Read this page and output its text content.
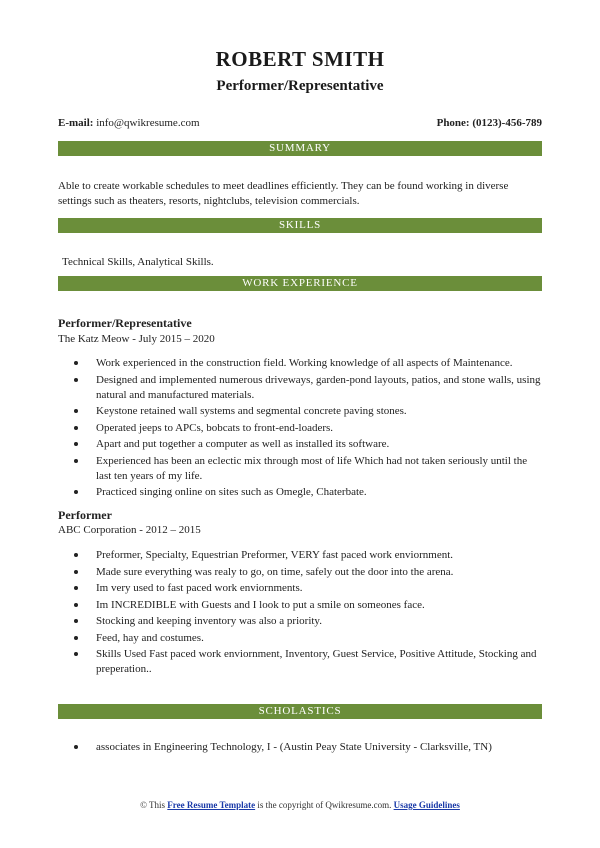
ROBERT SMITH
Performer/Representative
E-mail: info@qwikresume.com	Phone: (0123)-456-789
SUMMARY
Able to create workable schedules to meet deadlines efficiently. They can be found working in diverse settings such as theaters, resorts, nightclubs, television commercials.
SKILLS
Technical Skills, Analytical Skills.
WORK EXPERIENCE
Performer/Representative
The Katz Meow - July 2015 – 2020
Work experienced in the construction field. Working knowledge of all aspects of Maintenance.
Designed and implemented numerous driveways, garden-pond layouts, patios, and stone walls, using natural and manufactured materials.
Keystone retained wall systems and segmental concrete paving stones.
Operated jeeps to APCs, bobcats to front-end-loaders.
Apart and put together a computer as well as installed its software.
Experienced has been an eclectic mix through most of life Which had not taken seriously until the last ten years of my life.
Practiced singing online on sites such as Omegle, Chaterbate.
Performer
ABC Corporation - 2012 – 2015
Preformer, Specialty, Equestrian Preformer, VERY fast paced work enviornment.
Made sure everything was realy to go, on time, safely out the door into the arena.
Im very used to fast paced work enviornments.
Im INCREDIBLE with Guests and I look to put a smile on someones face.
Stocking and keeping inventory was also a priority.
Feed, hay and costumes.
Skills Used Fast paced work enviornment, Inventory, Guest Service, Positive Attitude, Stocking and preperation..
SCHOLASTICS
associates in Engineering Technology, I - (Austin Peay State University - Clarksville, TN)
© This Free Resume Template is the copyright of Qwikresume.com. Usage Guidelines
